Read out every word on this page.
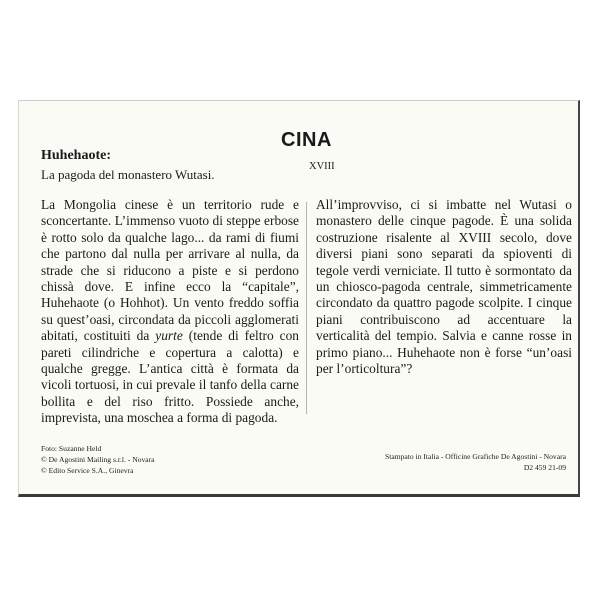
CINA
XVIII
Huhehaote:
La pagoda del monastero Wutasi.
La Mongolia cinese è un territorio rude e sconcertante. L’immenso vuoto di steppe erbose è rotto solo da qualche lago... da rami di fiumi che partono dal nulla per arrivare al nulla, da strade che si riducono a piste e si perdono chissà dove. E infine ecco la “capitale”, Huhehaote (o Hohhot). Un vento freddo soffia su quest’oasi, circondata da piccoli agglomerati abitati, costituiti da yurte (tende di feltro con pareti cilindriche e copertura a calotta) e qualche gregge. L’antica città è formata da vicoli tortuosi, in cui prevale il tanfo della carne bollita e del riso fritto. Possiede anche, imprevista, una moschea a forma di pagoda.
All’improvviso, ci si imbatte nel Wutasi o monastero delle cinque pagode. È una solida costruzione risalente al XVIII secolo, dove diversi piani sono separati da spioventi di tegole verdi verniciate. Il tutto è sormontato da un chiosco-pagoda centrale, simmetricamente circondato da quattro pagode scolpite. I cinque piani contribuiscono ad accentuare la verticalità del tempio. Salvia e canne rosse in primo piano... Huhehaote non è forse “un’oasi per l’orticoltura”?
Foto: Suzanne Held
© De Agostini Mailing s.r.l. - Novara
© Edito Service S.A., Ginevra
Stampato in Italia - Officine Grafiche De Agostini - Novara
D2 459 21-09
